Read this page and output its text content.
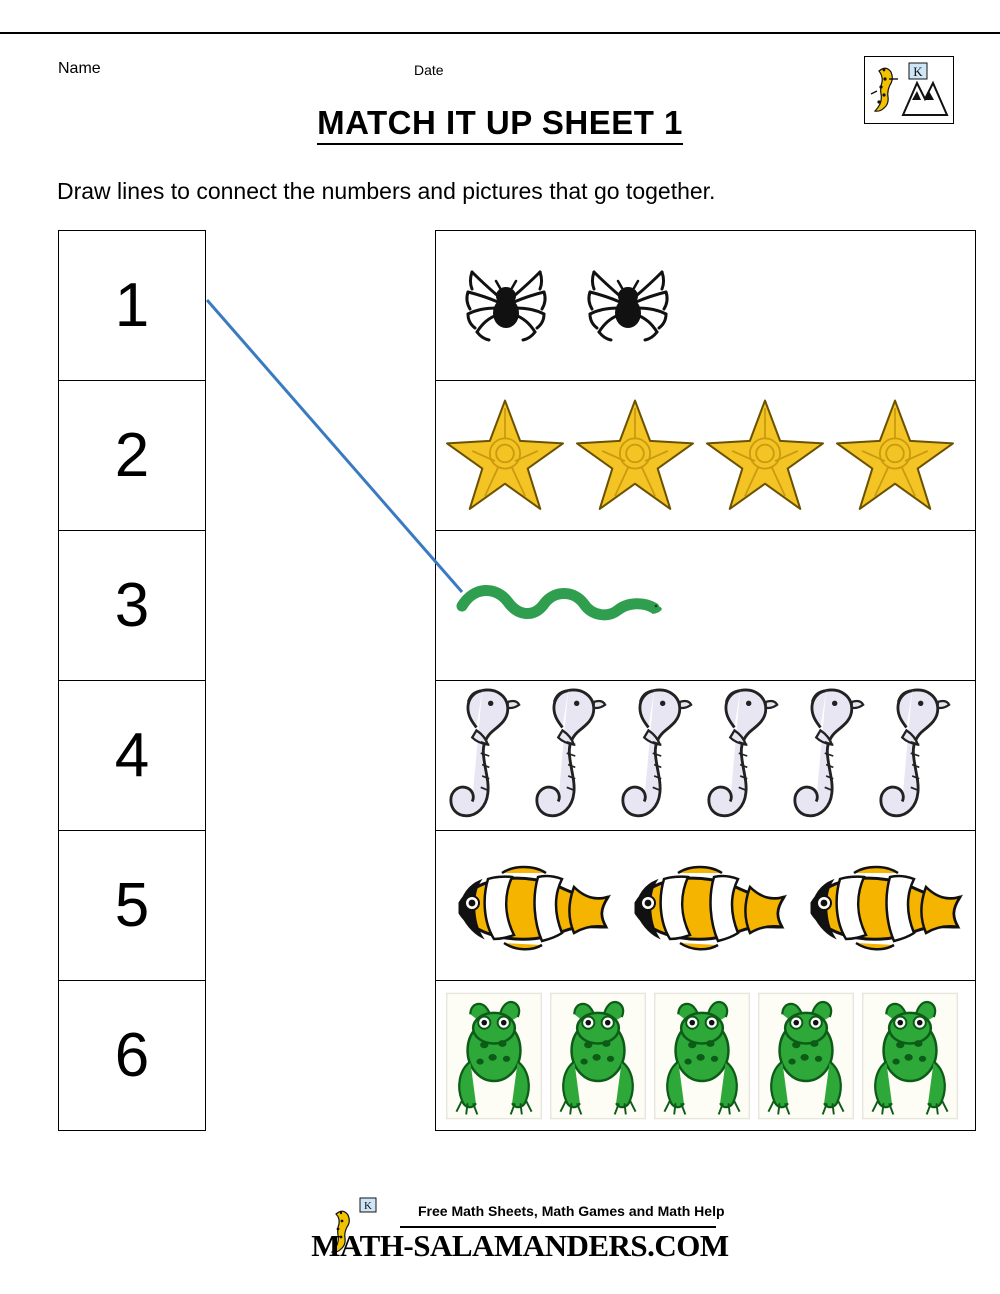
Name	Date	K
MATCH IT UP SHEET 1
Draw lines to connect the numbers and pictures that go together.
1
2
3
4
5
6
K	Free Math Sheets, Math Games and Math Help
MATH-SALAMANDERS.COM
